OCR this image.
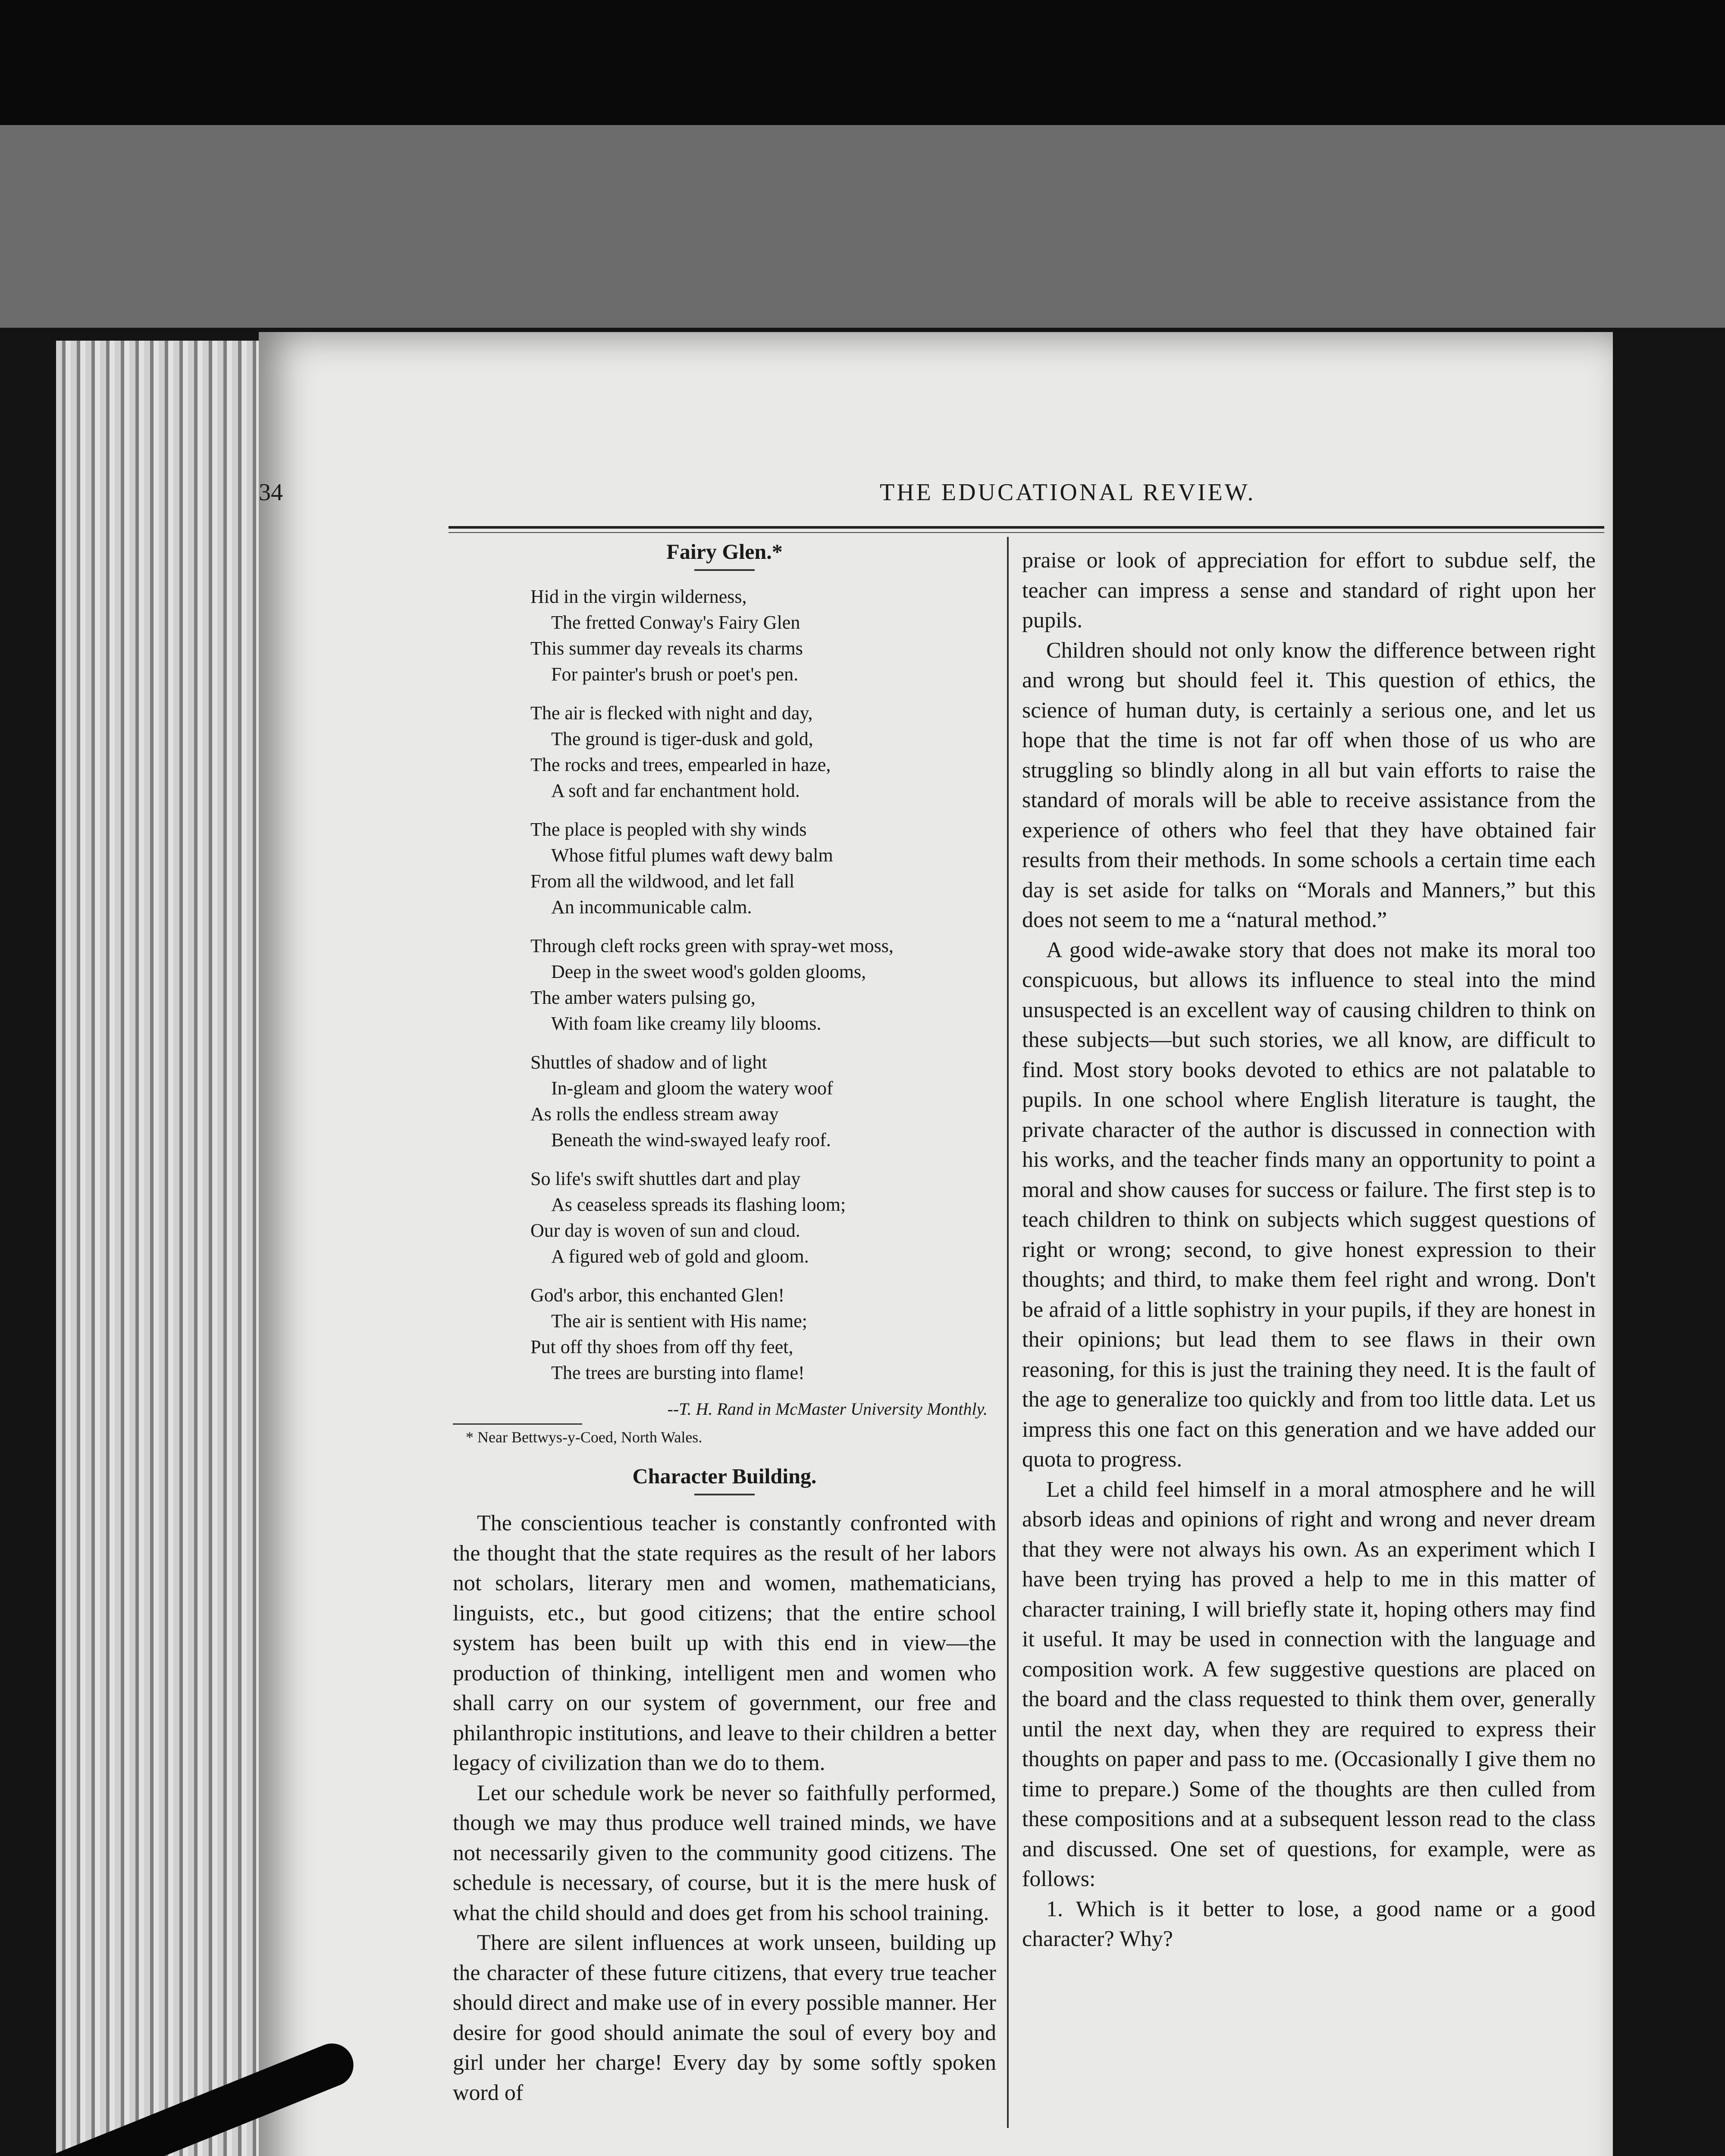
34	THE EDUCATIONAL REVIEW.
Fairy Glen.*
Hid in the virgin wilderness,
The fretted Conway's Fairy Glen
This summer day reveals its charms
For painter's brush or poet's pen.
The air is flecked with night and day,
The ground is tiger-dusk and gold,
The rocks and trees, empearled in haze,
A soft and far enchantment hold.
The place is peopled with shy winds
Whose fitful plumes waft dewy balm
From all the wildwood, and let fall
An incommunicable calm.
Through cleft rocks green with spray-wet moss,
Deep in the sweet wood's golden glooms,
The amber waters pulsing go,
With foam like creamy lily blooms.
Shuttles of shadow and of light
In-gleam and gloom the watery woof
As rolls the endless stream away
Beneath the wind-swayed leafy roof.
So life's swift shuttles dart and play
As ceaseless spreads its flashing loom;
Our day is woven of sun and cloud.
A figured web of gold and gloom.
God's arbor, this enchanted Glen!
The air is sentient with His name;
Put off thy shoes from off thy feet,
The trees are bursting into flame!
--T. H. Rand in McMaster University Monthly.
* Near Bettwys-y-Coed, North Wales.
Character Building.

The conscientious teacher is constantly confronted with the thought that the state requires as the result of her labors not scholars, literary men and women, mathematicians, linguists, etc., but good citizens; that the entire school system has been built up with this end in view—the production of thinking, intelligent men and women who shall carry on our system of government, our free and philanthropic institutions, and leave to their children a better legacy of civilization than we do to them.

Let our schedule work be never so faithfully performed, though we may thus produce well trained minds, we have not necessarily given to the community good citizens. The schedule is necessary, of course, but it is the mere husk of what the child should and does get from his school training.

There are silent influences at work unseen, building up the character of these future citizens, that every true teacher should direct and make use of in every possible manner. Her desire for good should animate the soul of every boy and girl under her charge! Every day by some softly spoken word of

praise or look of appreciation for effort to subdue self, the teacher can impress a sense and standard of right upon her pupils.

Children should not only know the difference between right and wrong but should feel it. This question of ethics, the science of human duty, is certainly a serious one, and let us hope that the time is not far off when those of us who are struggling so blindly along in all but vain efforts to raise the standard of morals will be able to receive assistance from the experience of others who feel that they have obtained fair results from their methods. In some schools a certain time each day is set aside for talks on “Morals and Manners,” but this does not seem to me a “natural method.”

A good wide-awake story that does not make its moral too conspicuous, but allows its influence to steal into the mind unsuspected is an excellent way of causing children to think on these subjects—but such stories, we all know, are difficult to find. Most story books devoted to ethics are not palatable to pupils. In one school where English literature is taught, the private character of the author is discussed in connection with his works, and the teacher finds many an opportunity to point a moral and show causes for success or failure. The first step is to teach children to think on subjects which suggest questions of right or wrong; second, to give honest expression to their thoughts; and third, to make them feel right and wrong. Don't be afraid of a little sophistry in your pupils, if they are honest in their opinions; but lead them to see flaws in their own reasoning, for this is just the training they need. It is the fault of the age to generalize too quickly and from too little data. Let us impress this one fact on this generation and we have added our quota to progress.

Let a child feel himself in a moral atmosphere and he will absorb ideas and opinions of right and wrong and never dream that they were not always his own. As an experiment which I have been trying has proved a help to me in this matter of character training, I will briefly state it, hoping others may find it useful. It may be used in connection with the language and composition work. A few suggestive questions are placed on the board and the class requested to think them over, generally until the next day, when they are required to express their thoughts on paper and pass to me. (Occasionally I give them no time to prepare.) Some of the thoughts are then culled from these compositions and at a subsequent lesson read to the class and discussed. One set of questions, for example, were as follows:

1. Which is it better to lose, a good name or a good character? Why?
